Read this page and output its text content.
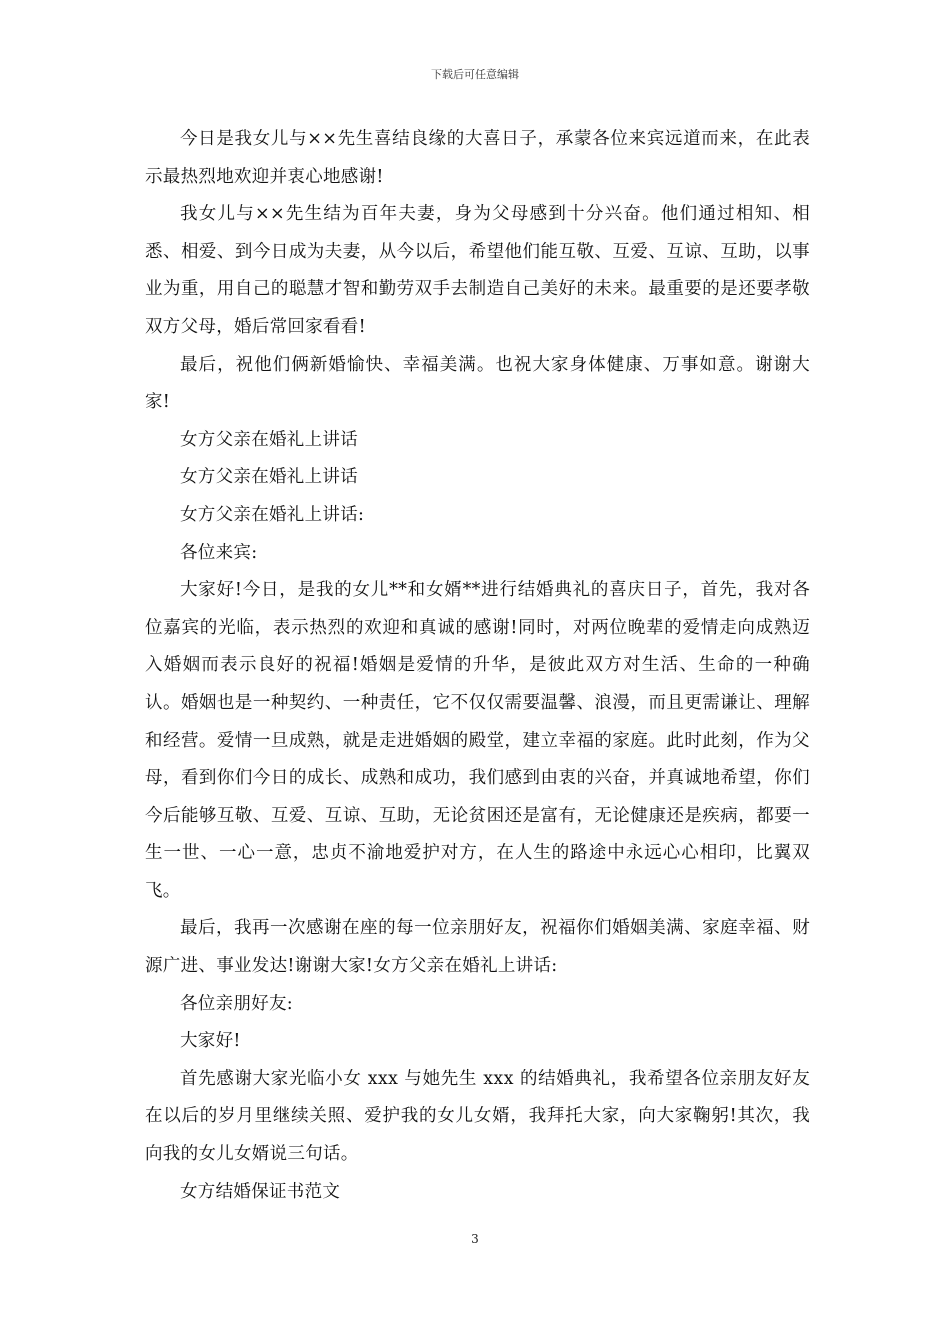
下载后可任意编辑

今日是我女儿与××先生喜结良缘的大喜日子，承蒙各位来宾远道而来，在此表示最热烈地欢迎并衷心地感谢!

我女儿与××先生结为百年夫妻，身为父母感到十分兴奋。他们通过相知、相悉、相爱、到今日成为夫妻，从今以后，希望他们能互敬、互爱、互谅、互助，以事业为重，用自己的聪慧才智和勤劳双手去制造自己美好的未来。最重要的是还要孝敬双方父母，婚后常回家看看!

最后，祝他们俩新婚愉快、幸福美满。也祝大家身体健康、万事如意。谢谢大家!

女方父亲在婚礼上讲话

女方父亲在婚礼上讲话

女方父亲在婚礼上讲话:

各位来宾:

大家好!今日，是我的女儿**和女婿**进行结婚典礼的喜庆日子，首先，我对各位嘉宾的光临，表示热烈的欢迎和真诚的感谢!同时，对两位晚辈的爱情走向成熟迈入婚姻而表示良好的祝福!婚姻是爱情的升华，是彼此双方对生活、生命的一种确认。婚姻也是一种契约、一种责任，它不仅仅需要温馨、浪漫，而且更需谦让、理解和经营。爱情一旦成熟，就是走进婚姻的殿堂，建立幸福的家庭。此时此刻，作为父母，看到你们今日的成长、成熟和成功，我们感到由衷的兴奋，并真诚地希望，你们今后能够互敬、互爱、互谅、互助，无论贫困还是富有，无论健康还是疾病，都要一生一世、一心一意，忠贞不渝地爱护对方，在人生的路途中永远心心相印，比翼双飞。

最后，我再一次感谢在座的每一位亲朋好友，祝福你们婚姻美满、家庭幸福、财源广进、事业发达!谢谢大家!女方父亲在婚礼上讲话:

各位亲朋好友:

大家好!

首先感谢大家光临小女 xxx 与她先生 xxx 的结婚典礼，我希望各位亲朋友好友在以后的岁月里继续关照、爱护我的女儿女婿，我拜托大家，向大家鞠躬!其次，我向我的女儿女婿说三句话。

女方结婚保证书范文

3
